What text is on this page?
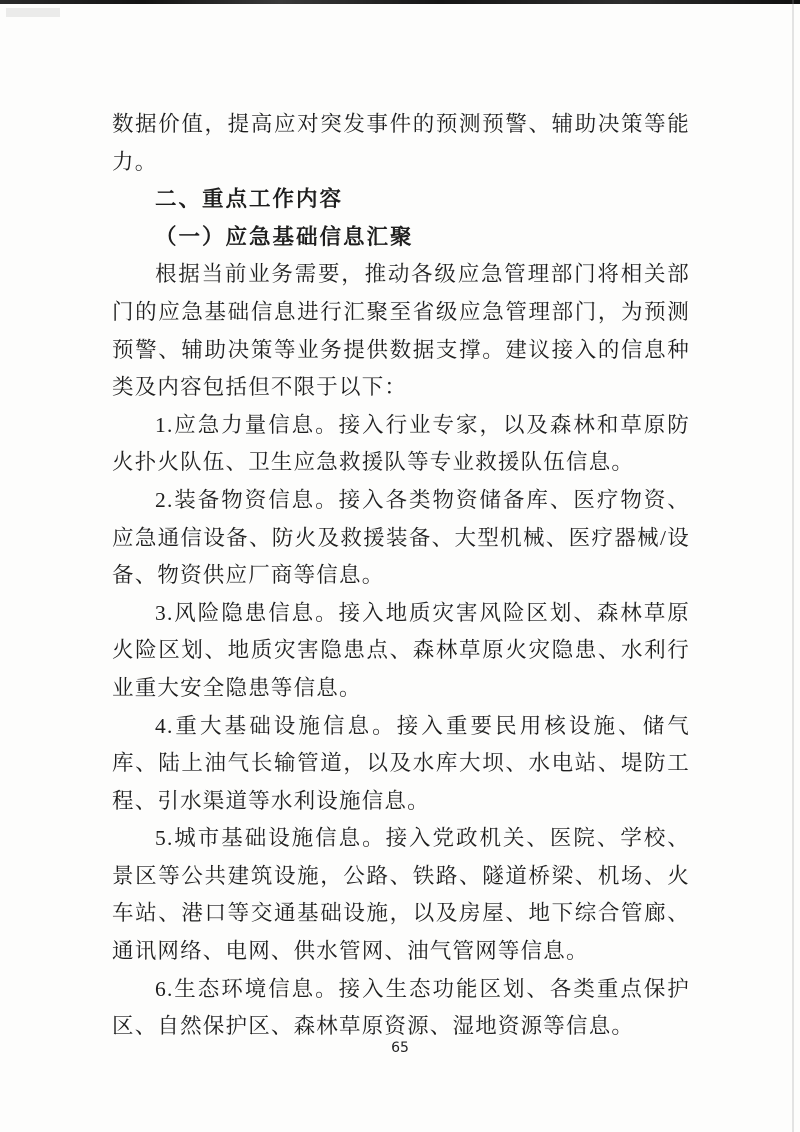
数据价值，提高应对突发事件的预测预警、辅助决策等能力。

二、重点工作内容

（一）应急基础信息汇聚

根据当前业务需要，推动各级应急管理部门将相关部门的应急基础信息进行汇聚至省级应急管理部门，为预测预警、辅助决策等业务提供数据支撑。建议接入的信息种类及内容包括但不限于以下：

1.应急力量信息。接入行业专家，以及森林和草原防火扑火队伍、卫生应急救援队等专业救援队伍信息。

2.装备物资信息。接入各类物资储备库、医疗物资、应急通信设备、防火及救援装备、大型机械、医疗器械/设备、物资供应厂商等信息。

3.风险隐患信息。接入地质灾害风险区划、森林草原火险区划、地质灾害隐患点、森林草原火灾隐患、水利行业重大安全隐患等信息。

4.重大基础设施信息。接入重要民用核设施、储气库、陆上油气长输管道，以及水库大坝、水电站、堤防工程、引水渠道等水利设施信息。

5.城市基础设施信息。接入党政机关、医院、学校、景区等公共建筑设施，公路、铁路、隧道桥梁、机场、火车站、港口等交通基础设施，以及房屋、地下综合管廊、通讯网络、电网、供水管网、油气管网等信息。

6.生态环境信息。接入生态功能区划、各类重点保护区、自然保护区、森林草原资源、湿地资源等信息。

65
